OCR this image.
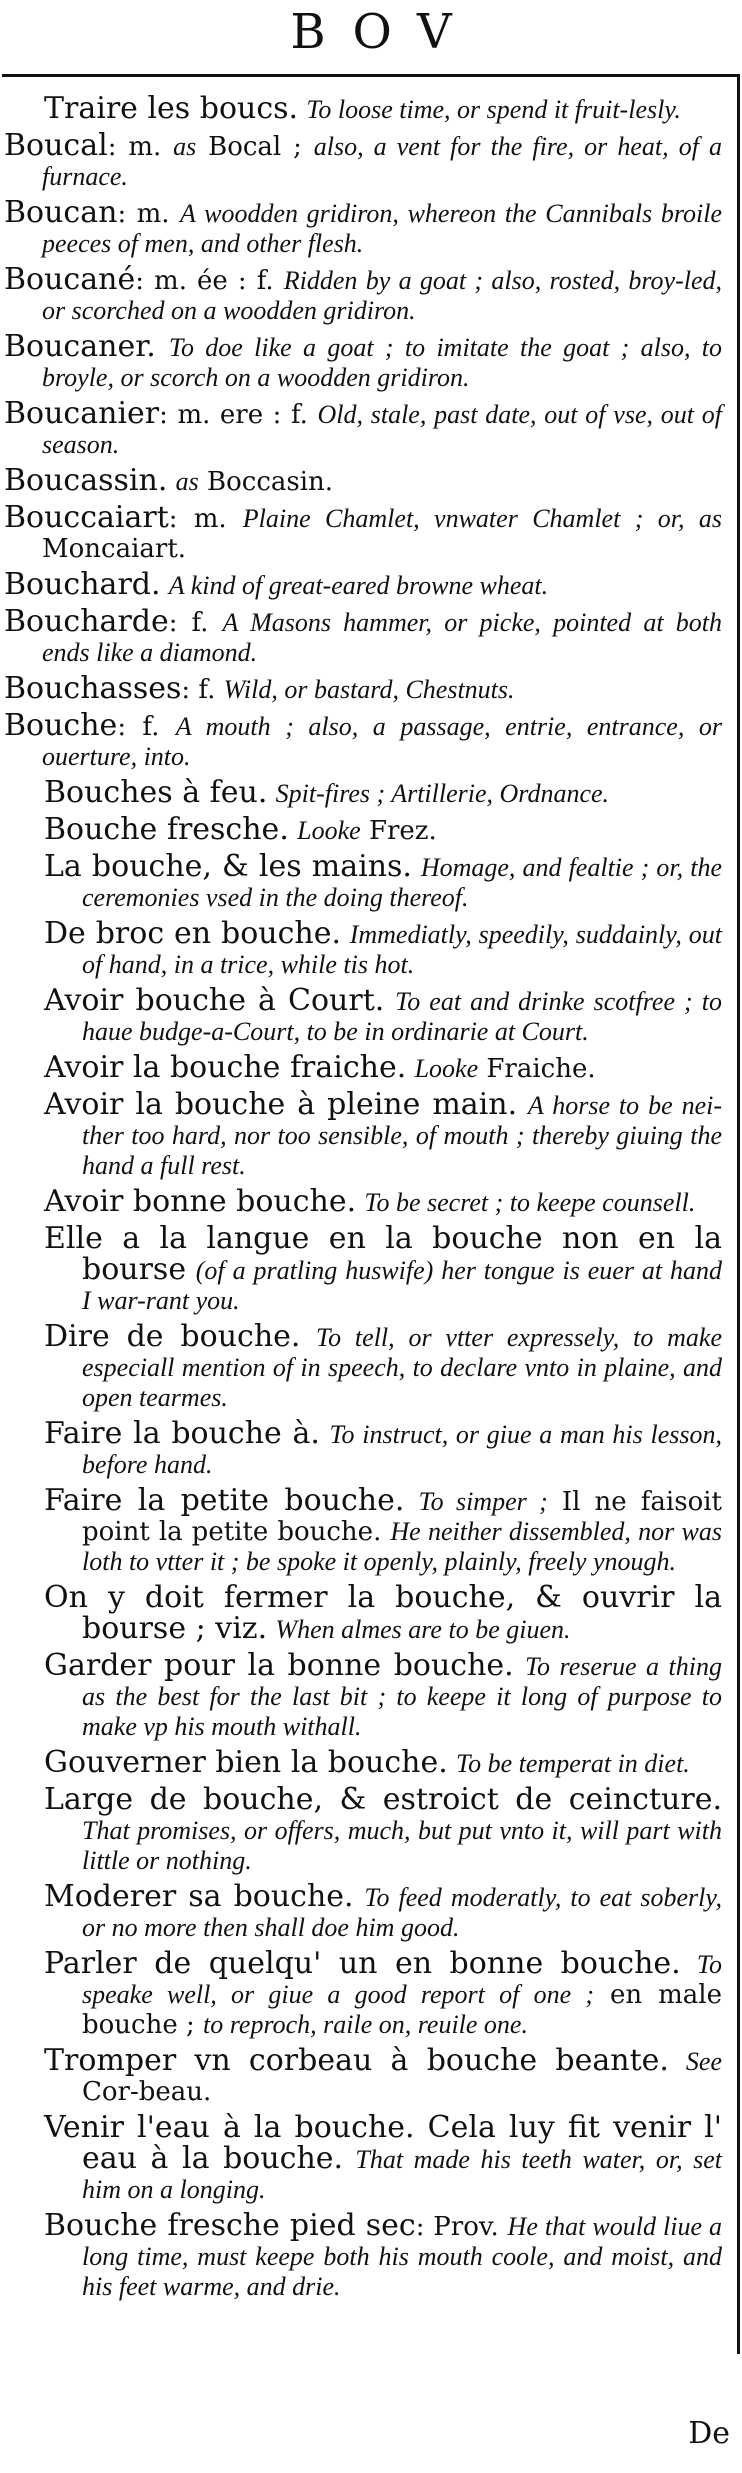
BOV
Traire les boucs. To loose time, or spend it fruit-lesly.
Boucal: m. as Bocal ; also, a vent for the fire, or heat, of a furnace.
Boucan: m. A woodden gridiron, whereon the Cannibals broile peeces of men, and other flesh.
Boucané: m. ée : f. Ridden by a goat ; also, rosted, broy-led, or scorched on a woodden gridiron.
Boucaner. To doe like a goat ; to imitate the goat ; also, to broyle, or scorch on a woodden gridiron.
Boucanier: m. ere : f. Old, stale, past date, out of vse, out of season.
Boucassin. as Boccasin.
Bouccaiart: m. Plaine Chamlet, vnwater Chamlet ; or, as Moncaiart.
Bouchard. A kind of great-eared browne wheat.
Boucharde: f. A Masons hammer, or picke, pointed at both ends like a diamond.
Bouchasses: f. Wild, or bastard, Chestnuts.
Bouche: f. A mouth ; also, a passage, entrie, entrance, or ouerture, into.
Bouches à feu. Spit-fires ; Artillerie, Ordnance.
Bouche fresche. Looke Frez.
La bouche, & les mains. Homage, and fealtie ; or, the ceremonies vsed in the doing thereof.
De broc en bouche. Immediatly, speedily, suddainly, out of hand, in a trice, while tis hot.
Avoir bouche à Court. To eat and drinke scotfree ; to haue budge-a-Court, to be in ordinarie at Court.
Avoir la bouche fraiche. Looke Fraiche.
Avoir la bouche à pleine main. A horse to be nei-ther too hard, nor too sensible, of mouth ; thereby giuing the hand a full rest.
Avoir bonne bouche. To be secret ; to keepe counsell.
Elle a la langue en la bouche non en la bourse (of a pratling huswife) her tongue is euer at hand I war-rant you.
Dire de bouche. To tell, or vtter expressely, to make especiall mention of in speech, to declare vnto in plaine, and open tearmes.
Faire la bouche à. To instruct, or giue a man his lesson, before hand.
Faire la petite bouche. To simper ; Il ne faisoit point la petite bouche. He neither dissembled, nor was loth to vtter it ; be spoke it openly, plainly, freely ynough.
On y doit fermer la bouche, & ouvrir la bourse ; viz. When almes are to be giuen.
Garder pour la bonne bouche. To reserue a thing as the best for the last bit ; to keepe it long of purpose to make vp his mouth withall.
Gouverner bien la bouche. To be temperat in diet.
Large de bouche, & estroict de ceincture. That promises, or offers, much, but put vnto it, will part with little or nothing.
Moderer sa bouche. To feed moderatly, to eat soberly, or no more then shall doe him good.
Parler de quelqu' un en bonne bouche. To speake well, or giue a good report of one ; en male bouche ; to reproch, raile on, reuile one.
Tromper vn corbeau à bouche beante. See Cor-beau.
Venir l'eau à la bouche. Cela luy fit venir l' eau à la bouche. That made his teeth water, or, set him on a longing.
Bouche fresche pied sec: Prov. He that would liue a long time, must keepe both his mouth coole, and moist, and his feet warme, and drie.
De
